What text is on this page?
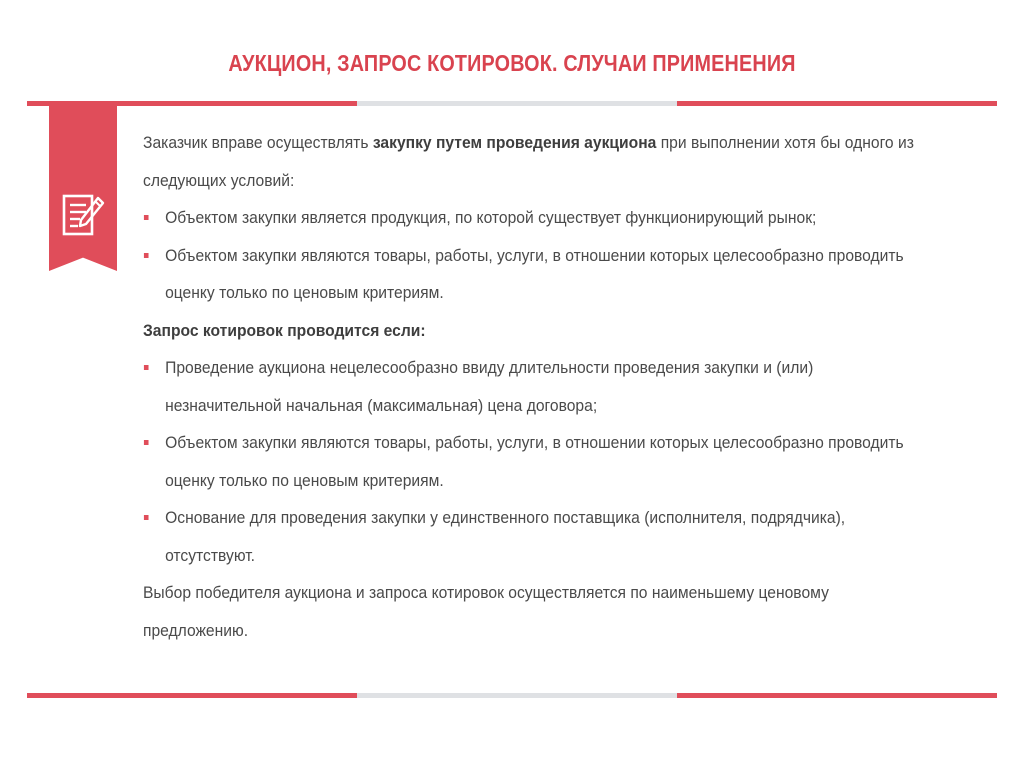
АУКЦИОН, ЗАПРОС КОТИРОВОК. СЛУЧАИ ПРИМЕНЕНИЯ
Заказчик вправе осуществлять закупку путем проведения аукциона при выполнении хотя бы одного из
следующих условий:
Объектом закупки является продукция, по которой существует функционирующий рынок;
Объектом закупки являются товары, работы, услуги, в отношении которых целесообразно проводить
оценку только по ценовым критериям.
Запрос котировок проводится если:
Проведение аукциона нецелесообразно ввиду длительности проведения закупки и (или)
незначительной начальная (максимальная) цена договора;
Объектом закупки являются товары, работы, услуги, в отношении которых целесообразно проводить
оценку только по ценовым критериям.
Основание для проведения закупки у единственного поставщика (исполнителя, подрядчика),
отсутствуют.
Выбор победителя аукциона и запроса котировок осуществляется по наименьшему ценовому
предложению.
